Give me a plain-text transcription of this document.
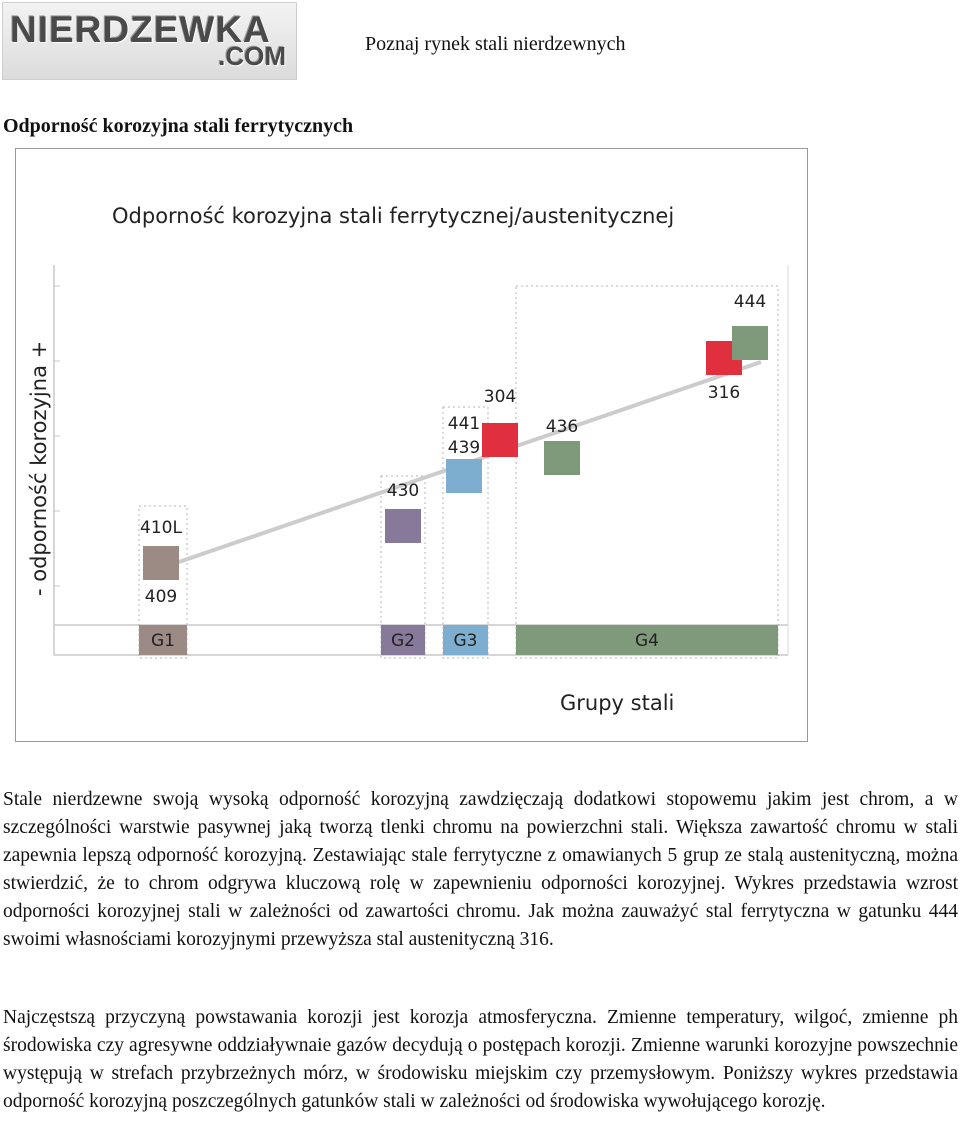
NIERDZEWKA
.COM	Poznaj rynek stali nierdzewnych
Odporność korozyjna stali ferrytycznych
Odporność korozyjna stali ferrytycznej/austenitycznej
- odporność korozyjna +
Grupy stali
G1	G2 G3	G4
410L
409
430
441
439
304
436
316
444

Stale nierdzewne swoją wysoką odporność korozyjną zawdzięczają dodatkowi stopowemu jakim jest chrom, a w szczególności warstwie pasywnej jaką tworzą tlenki chromu na powierzchni stali. Większa zawartość chromu w stali zapewnia lepszą odporność korozyjną. Zestawiając stale ferrytyczne z omawianych 5 grup ze stalą austenityczną, można stwierdzić, że to chrom odgrywa kluczową rolę w zapewnieniu odporności korozyjnej. Wykres przedstawia wzrost odporności korozyjnej stali w zależności od zawartości chromu. Jak można zauważyć stal ferrytyczna w gatunku 444 swoimi własnościami korozyjnymi przewyższa stal austenityczną 316.

Najczęstszą przyczyną powstawania korozji jest korozja atmosferyczna. Zmienne temperatury, wilgoć, zmienne ph środowiska czy agresywne oddziaływnaie gazów decydują o postępach korozji. Zmienne warunki korozyjne powszechnie występują w strefach przybrzeżnych mórz, w środowisku miejskim czy przemysłowym. Poniższy wykres przedstawia odporność korozyjną poszczególnych gatunków stali w zależności od środowiska wywołującego korozję.
